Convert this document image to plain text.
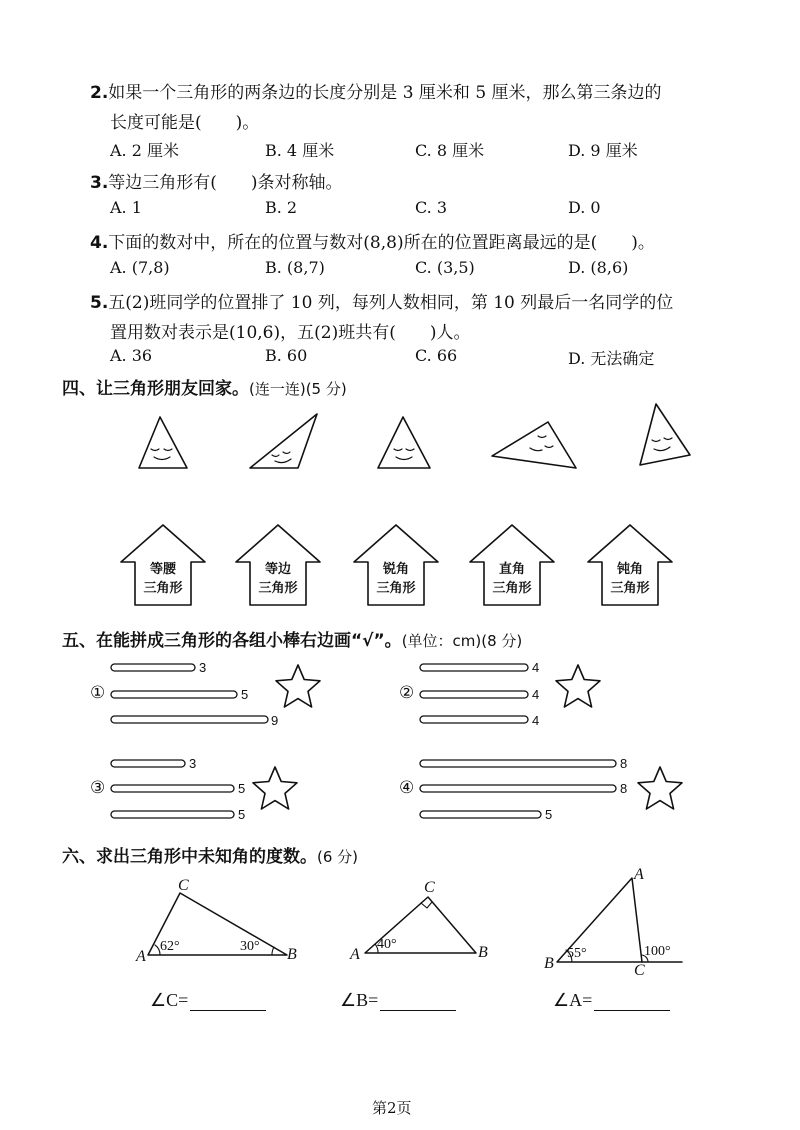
2.如果一个三角形的两条边的长度分别是 3 厘米和 5 厘米，那么第三条边的
长度可能是(　　)。
A. 2 厘米	B. 4 厘米	C. 8 厘米	D. 9 厘米
3.等边三角形有(　　)条对称轴。
A. 1	B. 2	C. 3	D. 0
4.下面的数对中，所在的位置与数对(8,8)所在的位置距离最远的是(　　)。
A. (7,8)	B. (8,7)	C. (3,5)	D. (8,6)
5.五(2)班同学的位置排了 10 列，每列人数相同，第 10 列最后一名同学的位
置用数对表示是(10,6)，五(2)班共有(　　)人。
A. 36	B. 60	C. 66	D. 无法确定
四、让三角形朋友回家。(连一连)(5 分)
等腰
三角形
等边
三角形
锐角
三角形
直角
三角形
钝角
三角形
五、在能拼成三角形的各组小棒右边画“√”。(单位：cm)(8 分)
①
3
5
9
②
4
4
4
③
3
5
5
④
8
8
5
六、求出三角形中未知角的度数。(6 分)
C
A	B
62°	30°
C
A	B
40°
A
B	C
55°	100°
∠C=	∠B=	∠A=
第2页
